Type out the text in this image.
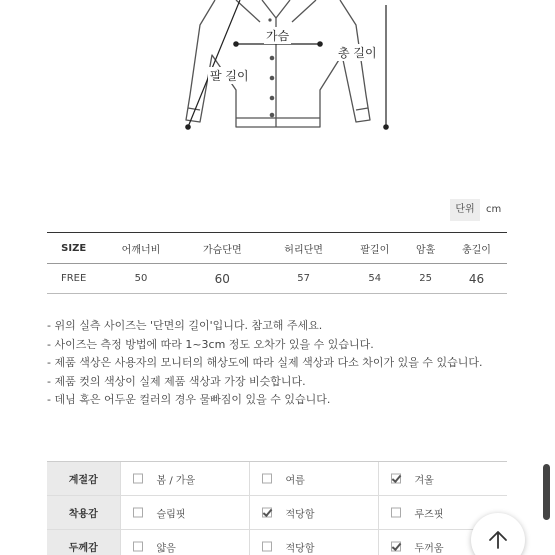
가슴
총 길이
팔 길이
단위	cm
SIZE	어깨너비	가슴단면	허리단면	팔길이	암홀	총길이
FREE	50	60	57	54	25	46
- 위의 실측 사이즈는 '단면의 길이'입니다. 참고해 주세요.
- 사이즈는 측정 방법에 따라 1~3cm 정도 오차가 있을 수 있습니다.
- 제품 색상은 사용자의 모니터의 해상도에 따라 실제 색상과 다소 차이가 있을 수 있습니다.
- 제품 컷의 색상이 실제 제품 색상과 가장 비슷합니다.
- 데님 혹은 어두운 컬러의 경우 물빠짐이 있을 수 있습니다.
계절감	봄 / 가을	여름	겨울

착용감	슬림핏	적당함	루즈핏

두께감	얇음	적당함	두꺼움
